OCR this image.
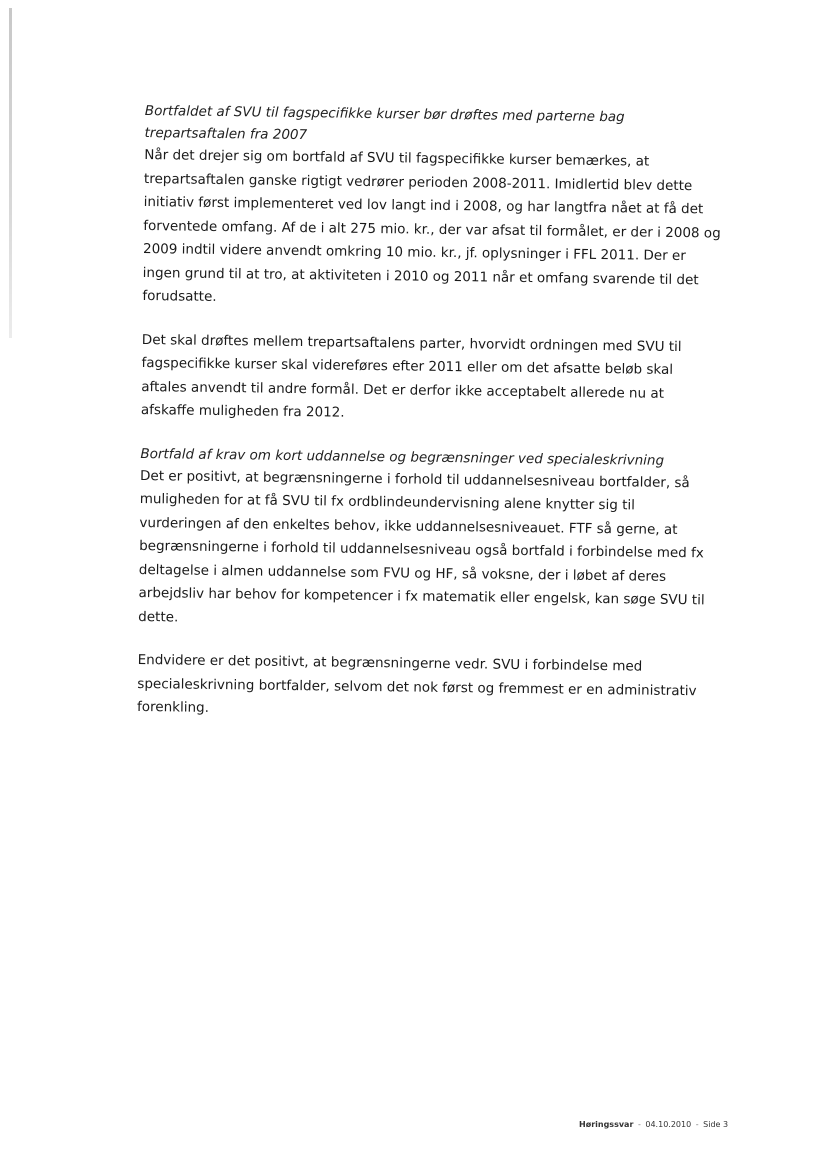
Bortfaldet af SVU til fagspecifikke kurser bør drøftes med parterne bag trepartsaftalen fra 2007

Når det drejer sig om bortfald af SVU til fagspecifikke kurser bemærkes, at trepartsaftalen ganske rigtigt vedrører perioden 2008-2011. Imidlertid blev dette initiativ først implementeret ved lov langt ind i 2008, og har langtfra nået at få det forventede omfang. Af de i alt 275 mio. kr., der var afsat til formålet, er der i 2008 og 2009 indtil videre anvendt omkring 10 mio. kr., jf. oplysninger i FFL 2011. Der er ingen grund til at tro, at aktiviteten i 2010 og 2011 når et omfang svarende til det forudsatte.

Det skal drøftes mellem trepartsaftalens parter, hvorvidt ordningen med SVU til fagspecifikke kurser skal videreføres efter 2011 eller om det afsatte beløb skal aftales anvendt til andre formål. Det er derfor ikke acceptabelt allerede nu at afskaffe muligheden fra 2012.

Bortfald af krav om kort uddannelse og begrænsninger ved specialeskrivning

Det er positivt, at begrænsningerne i forhold til uddannelsesniveau bortfalder, så muligheden for at få SVU til fx ordblindeundervisning alene knytter sig til vurderingen af den enkeltes behov, ikke uddannelsesniveauet. FTF så gerne, at begrænsningerne i forhold til uddannelsesniveau også bortfald i forbindelse med fx deltagelse i almen uddannelse som FVU og HF, så voksne, der i løbet af deres arbejdsliv har behov for kompetencer i fx matematik eller engelsk, kan søge SVU til dette.

Endvidere er det positivt, at begrænsningerne vedr. SVU i forbindelse med specialeskrivning bortfalder, selvom det nok først og fremmest er en administrativ forenkling.

Høringssvar - 04.10.2010 - Side 3
